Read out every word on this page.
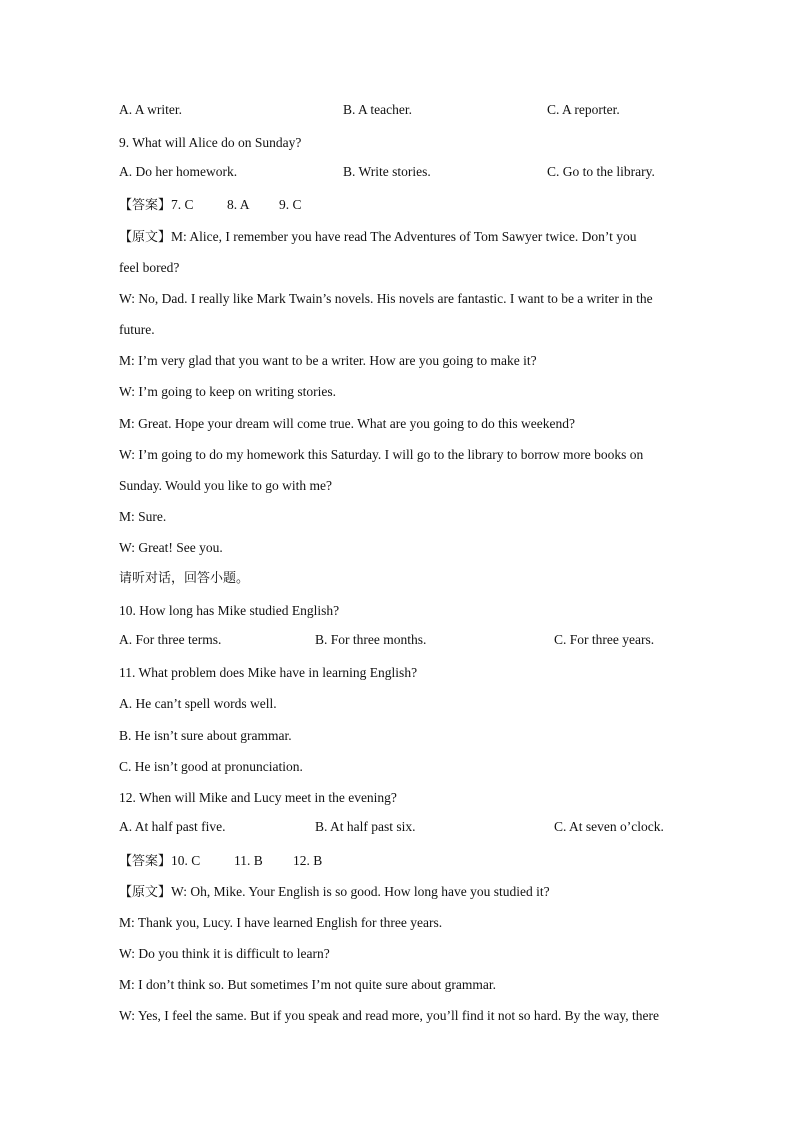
A. A writer.	B. A teacher.	C. A reporter.
9. What will Alice do on Sunday?
A. Do her homework.	B. Write stories.	C. Go to the library.
【答案】7. C 8. A 9. C
【原文】M: Alice, I remember you have read The Adventures of Tom Sawyer twice. Don’t you
feel bored?
W: No, Dad. I really like Mark Twain’s novels. His novels are fantastic. I want to be a writer in the
future.
M: I’m very glad that you want to be a writer. How are you going to make it?
W: I’m going to keep on writing stories.
M: Great. Hope your dream will come true. What are you going to do this weekend?
W: I’m going to do my homework this Saturday. I will go to the library to borrow more books on
Sunday. Would you like to go with me?
M: Sure.
W: Great! See you.
请听对话，回答小题。
10. How long has Mike studied English?
A. For three terms.	B. For three months.	C. For three years.
11. What problem does Mike have in learning English?
A. He can’t spell words well.
B. He isn’t sure about grammar.
C. He isn’t good at pronunciation.
12. When will Mike and Lucy meet in the evening?
A. At half past five.	B. At half past six.	C. At seven o’clock.
【答案】10. C 11. B 12. B
【原文】W: Oh, Mike. Your English is so good. How long have you studied it?
M: Thank you, Lucy. I have learned English for three years.
W: Do you think it is difficult to learn?
M: I don’t think so. But sometimes I’m not quite sure about grammar.
W: Yes, I feel the same. But if you speak and read more, you’ll find it not so hard. By the way, there
